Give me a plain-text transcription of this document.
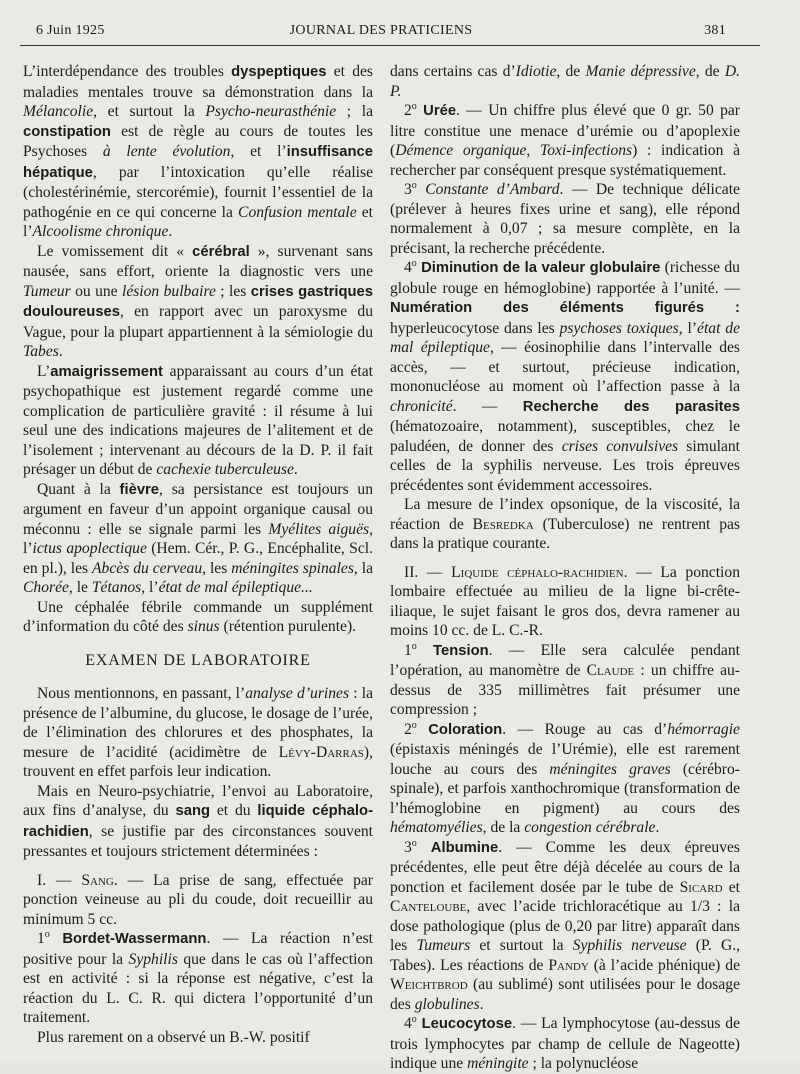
JOURNAL DES PRATICIENS
6 Juin 1925	381

L’interdépendance des troubles dyspeptiques et des maladies mentales trouve sa démonstration dans la Mélancolie, et surtout la Psycho-neurasthénie ; la constipation est de règle au cours de toutes les Psychoses à lente évolution, et l’insuffisance hépatique, par l’intoxication qu’elle réalise (cholestérinémie, stercorémie), fournit l’essentiel de la pathogénie en ce qui concerne la Confusion mentale et l’Alcoolisme chronique.

Le vomissement dit « cérébral », survenant sans nausée, sans effort, oriente la diagnostic vers une Tumeur ou une lésion bulbaire ; les crises gastriques douloureuses, en rapport avec un paroxysme du Vague, pour la plupart appartiennent à la sémiologie du Tabes.

L’amaigrissement apparaissant au cours d’un état psychopathique est justement regardé comme une complication de particulière gravité : il résume à lui seul une des indications majeures de l’alitement et de l’isolement ; intervenant au décours de la D. P. il fait présager un début de cachexie tuberculeuse.

Quant à la fièvre, sa persistance est toujours un argument en faveur d’un appoint organique causal ou méconnu : elle se signale parmi les Myélites aiguës, l’ictus apoplectique (Hem. Cér., P. G., Encéphalite, Scl. en pl.), les Abcès du cerveau, les méningites spinales, la Chorée, le Tétanos, l’état de mal épileptique...

Une céphalée fébrile commande un supplément d’information du côté des sinus (rétention purulente).

EXAMEN DE LABORATOIRE

Nous mentionnons, en passant, l’analyse d’urines : la présence de l’albumine, du glucose, le dosage de l’urée, de l’élimination des chlorures et des phosphates, la mesure de l’acidité (acidimètre de Lévy-Darras), trouvent en effet parfois leur indication.

Mais en Neuro-psychiatrie, l’envoi au Laboratoire, aux fins d’analyse, du sang et du liquide céphalo-rachidien, se justifie par des circonstances souvent pressantes et toujours strictement déterminées :

I. — Sang. — La prise de sang, effectuée par ponction veineuse au pli du coude, doit recueillir au minimum 5 cc.

1$^o$ Bordet-Wassermann. — La réaction n’est positive pour la Syphilis que dans le cas où l’affection est en activité : si la réponse est négative, c’est la réaction du L. C. R. qui dictera l’opportunité d’un traitement.

Plus rarement on a observé un B.-W. positif

dans certains cas d’Idiotie, de Manie dépressive, de D. P.

2$^o$ Urée. — Un chiffre plus élevé que 0 gr. 50 par litre constitue une menace d’urémie ou d’apoplexie (Démence organique, Toxi-infections) : indication à rechercher par conséquent presque systématiquement.

3$^o$ Constante d’Ambard. — De technique délicate (prélever à heures fixes urine et sang), elle répond normalement à 0,07 ; sa mesure complète, en la précisant, la recherche précédente.

4$^o$ Diminution de la valeur globulaire (richesse du globule rouge en hémoglobine) rapportée à l’unité. — Numération des éléments figurés : hyperleucocytose dans les psychoses toxiques, l’état de mal épileptique, — éosinophilie dans l’intervalle des accès, — et surtout, précieuse indication, mononucléose au moment où l’affection passe à la chronicité. — Recherche des parasites (hématozoaire, notamment), susceptibles, chez le paludéen, de donner des crises convulsives simulant celles de la syphilis nerveuse. Les trois épreuves précédentes sont évidemment accessoires.

La mesure de l’index opsonique, de la viscosité, la réaction de Besredka (Tuberculose) ne rentrent pas dans la pratique courante.

II. — Liquide céphalo-rachidien. — La ponction lombaire effectuée au milieu de la ligne bi-crête-iliaque, le sujet faisant le gros dos, devra ramener au moins 10 cc. de L. C.-R.

1$^o$ Tension. — Elle sera calculée pendant l’opération, au manomètre de Claude : un chiffre au-dessus de 335 millimètres fait présumer une compression ;

2$^o$ Coloration. — Rouge au cas d’hémorragie (épistaxis méningés de l’Urémie), elle est rarement louche au cours des méningites graves (cérébro-spinale), et parfois xanthochromique (transformation de l’hémoglobine en pigment) au cours des hématomyélies, de la congestion cérébrale.

3$^o$ Albumine. — Comme les deux épreuves précédentes, elle peut être déjà décelée au cours de la ponction et facilement dosée par le tube de Sicard et Canteloube, avec l’acide trichloracétique au 1/3 : la dose pathologique (plus de 0,20 par litre) apparaît dans les Tumeurs et surtout la Syphilis nerveuse (P. G., Tabes). Les réactions de Pandy (à l’acide phénique) de Weichtbrod (au sublimé) sont utilisées pour le dosage des globulines.

4$^o$ Leucocytose. — La lymphocytose (au-dessus de trois lymphocytes par champ de cellule de Nageotte) indique une méningite ; la polynucléose
